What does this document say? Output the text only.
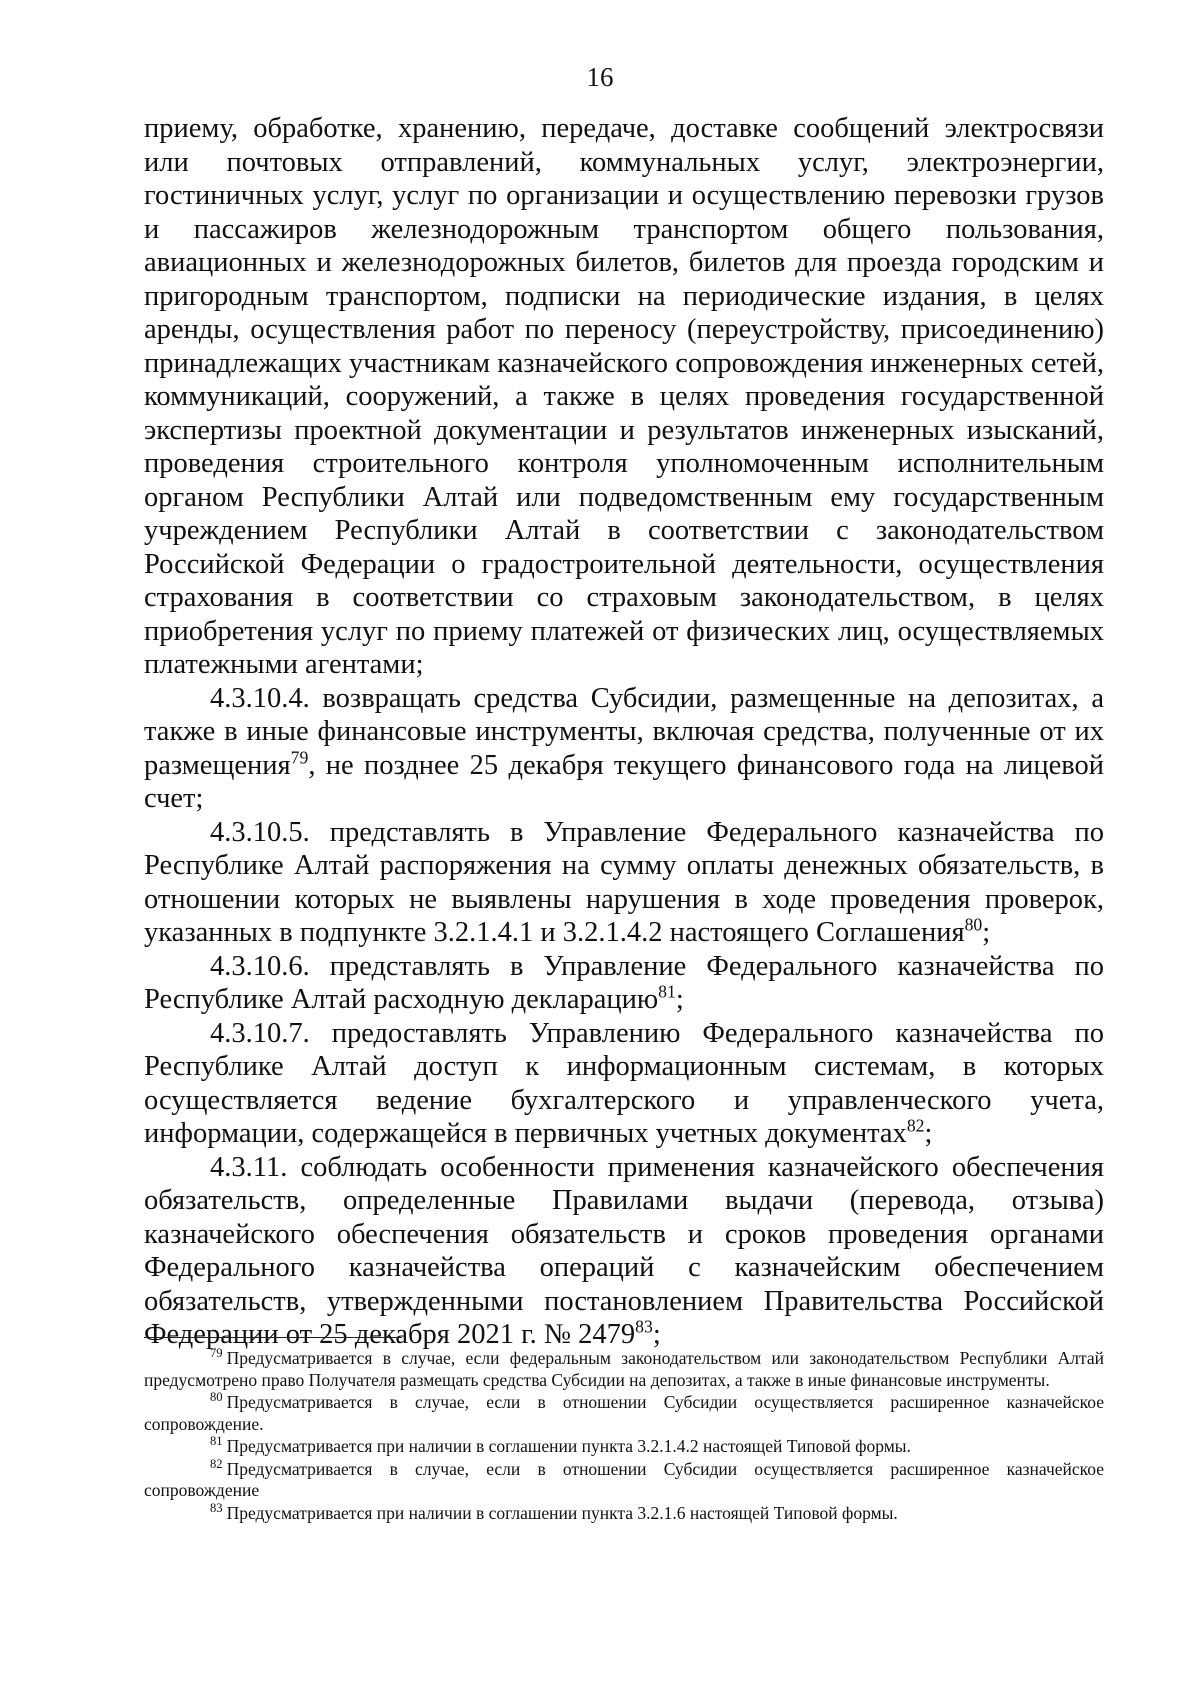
16

приему, обработке, хранению, передаче, доставке сообщений электросвязи или почтовых отправлений, коммунальных услуг, электроэнергии, гостиничных услуг, услуг по организации и осуществлению перевозки грузов и пассажиров железнодорожным транспортом общего пользования, авиационных и железнодорожных билетов, билетов для проезда городским и пригородным транспортом, подписки на периодические издания, в целях аренды, осуществления работ по переносу (переустройству, присоединению) принадлежащих участникам казначейского сопровождения инженерных сетей, коммуникаций, сооружений, а также в целях проведения государственной экспертизы проектной документации и результатов инженерных изысканий, проведения строительного контроля уполномоченным исполнительным органом Республики Алтай или подведомственным ему государственным учреждением Республики Алтай в соответствии с законодательством Российской Федерации о градостроительной деятельности, осуществления страхования в соответствии со страховым законодательством, в целях приобретения услуг по приему платежей от физических лиц, осуществляемых платежными агентами;

4.3.10.4. возвращать средства Субсидии, размещенные на депозитах, а также в иные финансовые инструменты, включая средства, полученные от их размещения$^{79}$, не позднее 25 декабря текущего финансового года на лицевой счет;

4.3.10.5. представлять в Управление Федерального казначейства по Республике Алтай распоряжения на сумму оплаты денежных обязательств, в отношении которых не выявлены нарушения в ходе проведения проверок, указанных в подпункте 3.2.1.4.1 и 3.2.1.4.2 настоящего Соглашения$^{80}$;

4.3.10.6. представлять в Управление Федерального казначейства по Республике Алтай расходную декларацию$^{81}$;

4.3.10.7. предоставлять Управлению Федерального казначейства по Республике Алтай доступ к информационным системам, в которых осуществляется ведение бухгалтерского и управленческого учета, информации, содержащейся в первичных учетных документах$^{82}$;

4.3.11. соблюдать особенности применения казначейского обеспечения обязательств, определенные Правилами выдачи (перевода, отзыва) казначейского обеспечения обязательств и сроков проведения органами Федерального казначейства операций с казначейским обеспечением обязательств, утвержденными постановлением Правительства Российской Федерации от 25 декабря 2021 г. № 2479$^{83}$;

$^{79}$ Предусматривается в случае, если федеральным законодательством или законодательством Республики Алтай предусмотрено право Получателя размещать средства Субсидии на депозитах, а также в иные финансовые инструменты.

$^{80}$ Предусматривается в случае, если в отношении Субсидии осуществляется расширенное казначейское сопровождение.

$^{81}$ Предусматривается при наличии в соглашении пункта 3.2.1.4.2 настоящей Типовой формы.

$^{82}$ Предусматривается в случае, если в отношении Субсидии осуществляется расширенное казначейское сопровождение

$^{83}$ Предусматривается при наличии в соглашении пункта 3.2.1.6 настоящей Типовой формы.
